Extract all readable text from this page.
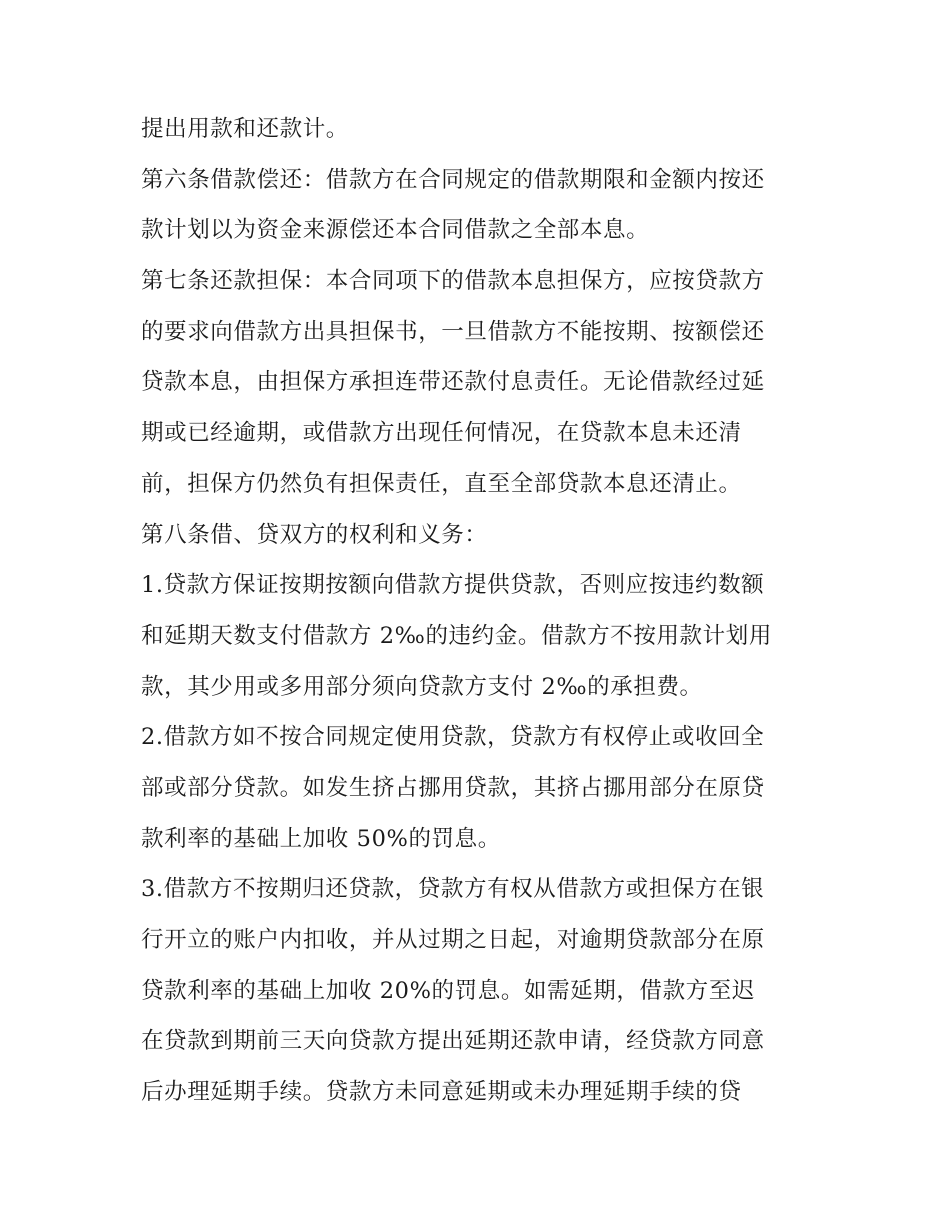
提出用款和还款计。
第六条借款偿还：借款方在合同规定的借款期限和金额内按还
款计划以为资金来源偿还本合同借款之全部本息。
第七条还款担保：本合同项下的借款本息担保方，应按贷款方
的要求向借款方出具担保书，一旦借款方不能按期、按额偿还
贷款本息，由担保方承担连带还款付息责任。无论借款经过延
期或已经逾期，或借款方出现任何情况，在贷款本息未还清
前，担保方仍然负有担保责任，直至全部贷款本息还清止。
第八条借、贷双方的权利和义务：
1.贷款方保证按期按额向借款方提供贷款，否则应按违约数额
和延期天数支付借款方 2‰的违约金。借款方不按用款计划用
款，其少用或多用部分须向贷款方支付 2‰的承担费。
2.借款方如不按合同规定使用贷款，贷款方有权停止或收回全
部或部分贷款。如发生挤占挪用贷款，其挤占挪用部分在原贷
款利率的基础上加收 50%的罚息。
3.借款方不按期归还贷款，贷款方有权从借款方或担保方在银
行开立的账户内扣收，并从过期之日起，对逾期贷款部分在原
贷款利率的基础上加收 20%的罚息。如需延期，借款方至迟
在贷款到期前三天向贷款方提出延期还款申请，经贷款方同意
后办理延期手续。贷款方未同意延期或未办理延期手续的贷
